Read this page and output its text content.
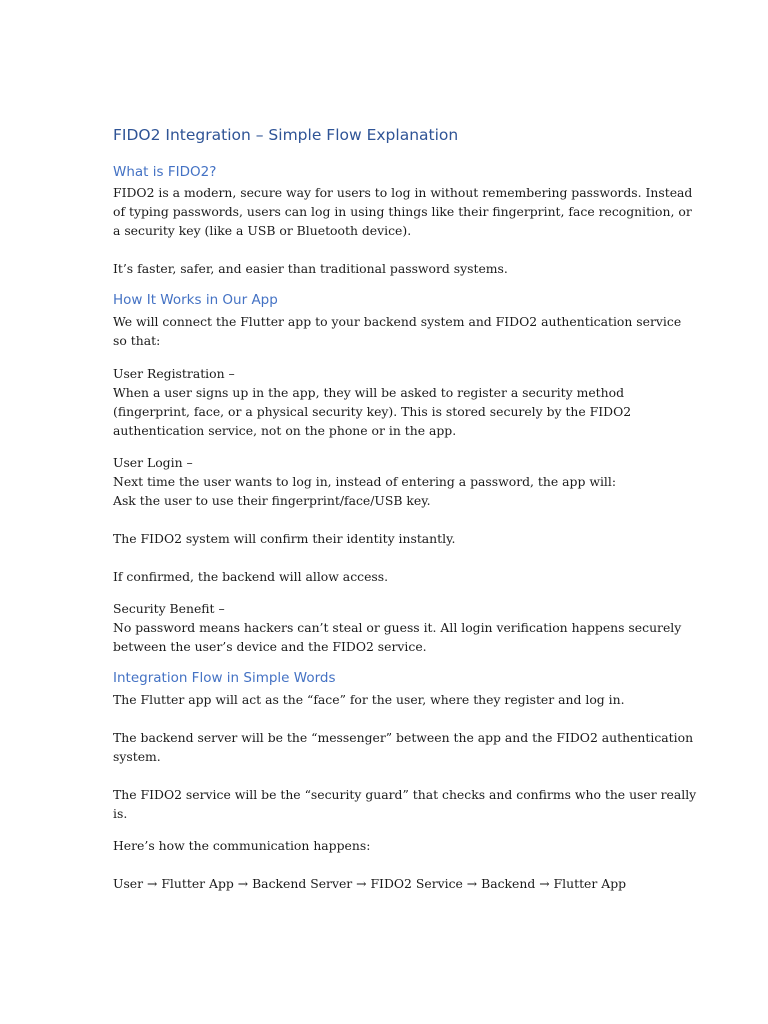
FIDO2 Integration – Simple Flow Explanation
What is FIDO2?

FIDO2 is a modern, secure way for users to log in without remembering passwords. Instead
of typing passwords, users can log in using things like their fingerprint, face recognition, or
a security key (like a USB or Bluetooth device).

It’s faster, safer, and easier than traditional password systems.

How It Works in Our App

We will connect the Flutter app to your backend system and FIDO2 authentication service
so that:

User Registration –
When a user signs up in the app, they will be asked to register a security method
(fingerprint, face, or a physical security key). This is stored securely by the FIDO2
authentication service, not on the phone or in the app.

User Login –
Next time the user wants to log in, instead of entering a password, the app will:
Ask the user to use their fingerprint/face/USB key.

The FIDO2 system will confirm their identity instantly.

If confirmed, the backend will allow access.

Security Benefit –
No password means hackers can’t steal or guess it. All login verification happens securely
between the user’s device and the FIDO2 service.

Integration Flow in Simple Words

The Flutter app will act as the “face” for the user, where they register and log in.

The backend server will be the “messenger” between the app and the FIDO2 authentication
system.

The FIDO2 service will be the “security guard” that checks and confirms who the user really
is.

Here’s how the communication happens:

User → Flutter App → Backend Server → FIDO2 Service → Backend → Flutter App
